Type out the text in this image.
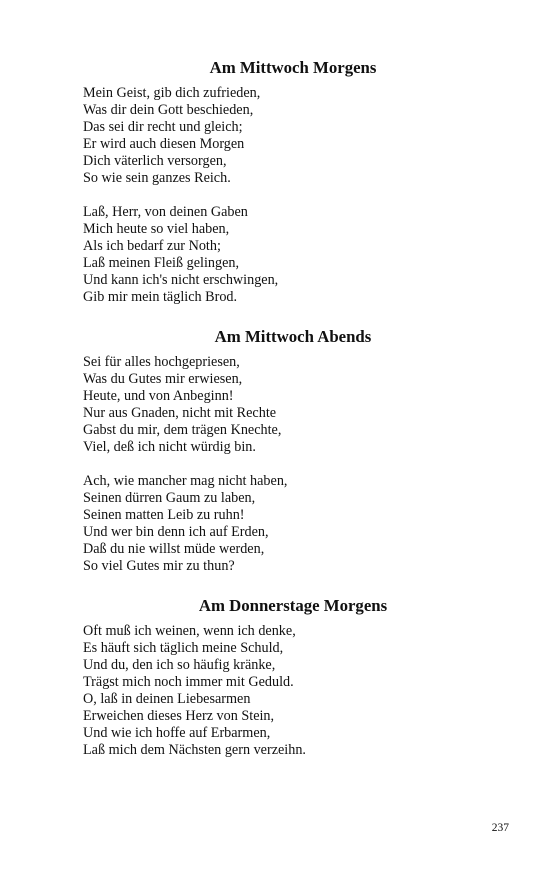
Am Mittwoch Morgens
Mein Geist, gib dich zufrieden,
Was dir dein Gott beschieden,
Das sei dir recht und gleich;
Er wird auch diesen Morgen
Dich väterlich versorgen,
So wie sein ganzes Reich.
Laß, Herr, von deinen Gaben
Mich heute so viel haben,
Als ich bedarf zur Noth;
Laß meinen Fleiß gelingen,
Und kann ich's nicht erschwingen,
Gib mir mein täglich Brod.
Am Mittwoch Abends
Sei für alles hochgepriesen,
Was du Gutes mir erwiesen,
Heute, und von Anbeginn!
Nur aus Gnaden, nicht mit Rechte
Gabst du mir, dem trägen Knechte,
Viel, deß ich nicht würdig bin.
Ach, wie mancher mag nicht haben,
Seinen dürren Gaum zu laben,
Seinen matten Leib zu ruhn!
Und wer bin denn ich auf Erden,
Daß du nie willst müde werden,
So viel Gutes mir zu thun?
Am Donnerstage Morgens
Oft muß ich weinen, wenn ich denke,
Es häuft sich täglich meine Schuld,
Und du, den ich so häufig kränke,
Trägst mich noch immer mit Geduld.
O, laß in deinen Liebesarmen
Erweichen dieses Herz von Stein,
Und wie ich hoffe auf Erbarmen,
Laß mich dem Nächsten gern verzeihn.
237
